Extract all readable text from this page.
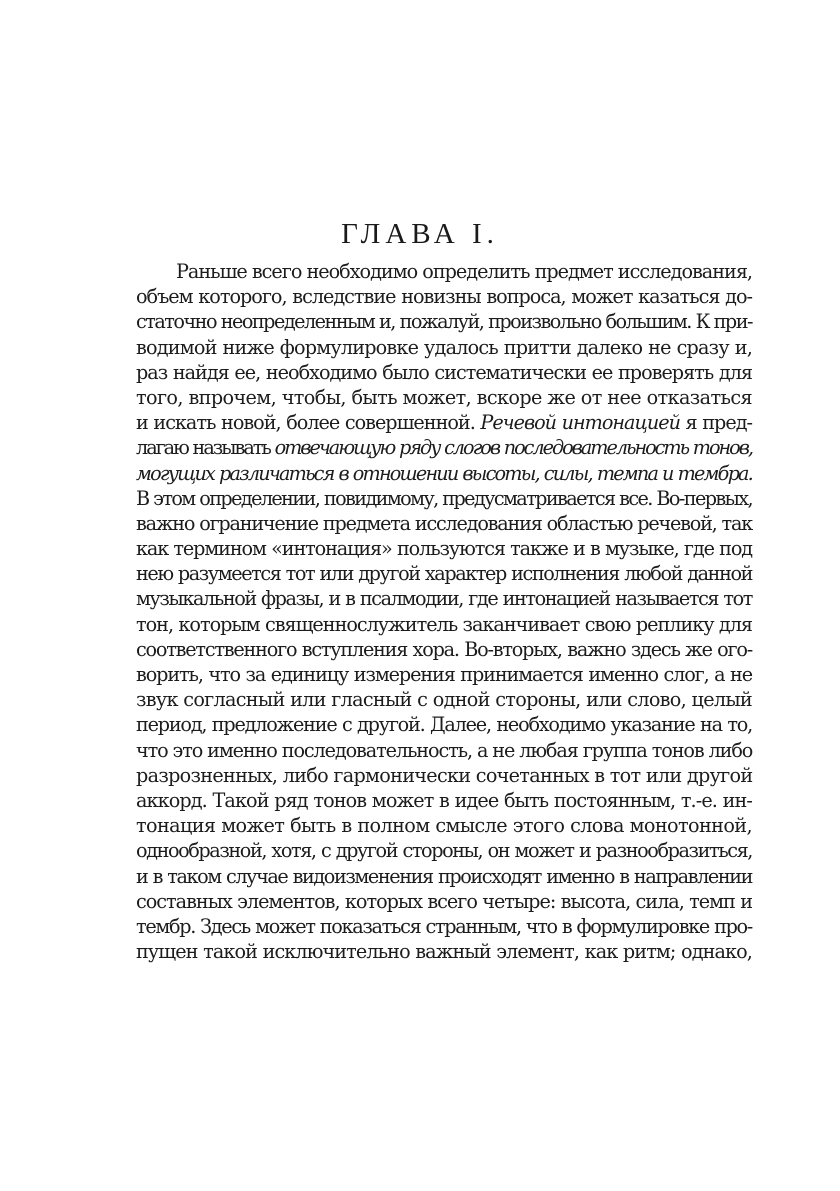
ГЛАВА I.
Раньше всего необходимо определить предмет исследования,
объем которого, вследствие новизны вопроса, может казаться до-
статочно неопределенным и, пожалуй, произвольно большим. К при-
водимой ниже формулировке удалось притти далеко не сразу и,
раз найдя ее, необходимо было систематически ее проверять для
того, впрочем, чтобы, быть может, вскоре же от нее отказаться
и искать новой, более совершенной. Речевой интонацией я пред-
лагаю называть отвечающую ряду слогов последовательность тонов,
могущих различаться в отношении высоты, силы, темпа и тембра.
В этом определении, повидимому, предусматривается все. Во-первых,
важно ограничение предмета исследования областью речевой, так
как термином «интонация» пользуются также и в музыке, где под
нею разумеется тот или другой характер исполнения любой данной
музыкальной фразы, и в псалмодии, где интонацией называется тот
тон, которым священнослужитель заканчивает свою реплику для
соответственного вступления хора. Во-вторых, важно здесь же ого-
ворить, что за единицу измерения принимается именно слог, а не
звук согласный или гласный с одной стороны, или слово, целый
период, предложение с другой. Далее, необходимо указание на то,
что это именно последовательность, а не любая группа тонов либо
разрозненных, либо гармонически сочетанных в тот или другой
аккорд. Такой ряд тонов может в идее быть постоянным, т.-е. ин-
тонация может быть в полном смысле этого слова монотонной,
однообразной, хотя, с другой стороны, он может и разнообразиться,
и в таком случае видоизменения происходят именно в направлении
составных элементов, которых всего четыре: высота, сила, темп и
тембр. Здесь может показаться странным, что в формулировке про-
пущен такой исключительно важный элемент, как ритм; однако,
